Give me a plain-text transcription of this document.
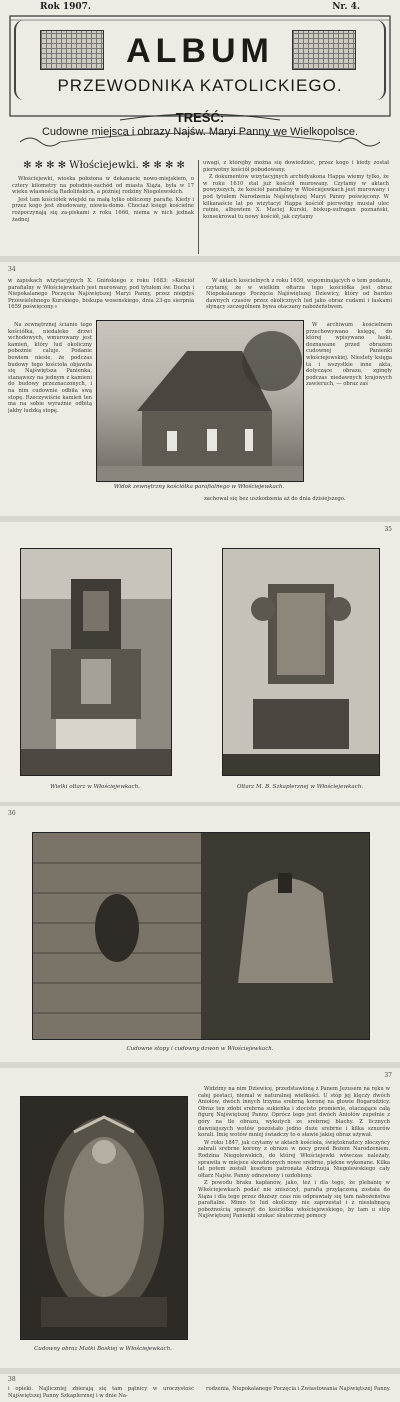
Rok 1907.	Nr. 4.
ALBUM
PRZEWODNIKA KATOLICKIEGO.
TREŚĆ:
Cudowne miejsca i obrazy Najśw. Maryi Panny we Wielkopolsce.
✻ ✻ ✻ ✻ Włościejewki. ✻ ✻ ✻ ✻

Włościejewki, wioska położona w dekanacie nowo-miejskiem, o cztery kilometry na południe-zachód od miasta Xiąża, była w 17 wieku własnością Radolińskich, a później rodziny Niegolewskich.

Jest tam kościółek wiejski na małą tylko obliczony parafię. Kiedy i przez kogo jest zbudowany, niewia-domo. Chociaż księgi kościelne rozpoczynają się za-piskami z roku 1660, niema w nich jednak żadnej

uwagi, z którejby można się dowiedzieć, przez kogo i kiedy został pierwotny kościół pobudowany.

Z dokumentów wizytacyjnych archidyakona Happa wiemy tylko, że w roku 1610 stał już kościół murowany. Czytamy w aktach powyższych, że kościół parafialny w Włościejewkach jest murowany i pod tytułem Narodzenia Najświętszej Maryi Panny poświęcony. W kilkanaście lat po wizytacyi Happa kościół pierwotny musiał ulec ruinie, albowiem X. Maciej Kurski, biskup-sufragan poznański, konsekrował tu nowy kościół, jak czytamy

34

w zapiskach wizytacyjnych X. Gnińskiego z roku 1683: »Kościół parafialny w Włościejewkach jest murowany, pod tytułem św. Ducha i Niepokalanego Poczęcia Najświętszej Maryi Panny, przez niegdyś Przewielebnego Kurskiego, biskupa wosenskiego, dnia 23-go sierpnia 1659 poświęcony.«

Na zewnętrznej ścianie tego kościółka, niedaleko drzwi wchodowych, wmurowany jest kamień, który lud okoliczny pobożnie caluje. Podanie bowiem niesie, że podczas budowy tego kościoła objawiła się Najświętsza Panienka, stanąwszy na jednym z kamieni do budowy przeznaczonych, i na nim cudownie odbiła swą stopę. Rzeczywiście kamień ten ma na sobie wyraźnie odbitą jakby ludzką stopę.

W aktach kościelnych z roku 1659, wspominających o tem podaniu, czytamy, że w wielkim ołtarzu tego kościółka jest obraz Niepokalanego Poczęcia Najświętszej Dziewicy, który od bardzo dawnych czasów przez okolicznych lud jako obraz cudami i łaskami słynący szczególnem bywa otaczany nabożeństwem.

W archiwum kościelnem przechowywano księgę, do której wpisywano łaski, doznawane przed obrazem cudownej Panienki włościejewskiej. Niestety księga ta i wszystkie inne akta, dotyczące obrazu, zginęły podczas niedawnych krajowych zawieruch, — obraz zaś

zachował się bez uszkodzenia aż do dnia dzisiejszego.

Widok zewnętrzny kościółka parafialnego w Włościejewkach.
35
Wielki ołtarz w Włościejewkach.	Ołtarz M. B. Szkaplerznej w Włościejewkach.
36
Cudowne stopy i cudowny dzwon w Włościejewkach.
37
Cudowny obraz Matki Boskiej w Włościejewkach.

Widzimy na nim Dziewicę, przedstawioną z Panem Jezusem na ręku w całej postaci, niemal w naturalnej wielkości. U stóp jej klęczy dwóch Aniołów, dwóch innych trzyma srebrną koronę na głowie Bogarodzicy. Obraz ten zdobi srebrna sukienka i złocisto promienie, otaczające całą figurę Najświętszej Panny. Oprócz tego jest dwóch Aniołów zupełnie z góry na tle obrazu, wykutych ze srebrnej blachy. Z licznych dawniejszych wotów pozostało jedno duże srebrne i kilka sznurów korali. Imię wotów mniej świadczy to o sławie jakiej obraz używał.

W roku 1847, jak czytamy w aktach kościoła, świętokradzcy złoczyńcy zabrali srebrne korony z obrazu w nocy przed Bożem Narodzeniem. Rodzina Niegolewskich, do której Włościejewki wówczas należały, sprawiła w miejsce skradzionych nowe srebrne, piękne wykonane. Kilka lat potem zostali kosztem patronata Andrzeja Niegolewskiego cały ołtarz Najśw. Panny odnowiony i ozdobiony.

Z powodu braku kapłanów, jako, też i dla tego, że plebanię w Włościejewkach podać nie zniszczył, parafia przyłączoną została do Xiąża i dla tego przez dłuższy czas nie odprawiały się tam nabożeństwa parafialne. Mimo to lud okoliczny nie zaprzestał i z niesłabnącą pobożnością spieszył do kościółka włościejewskiego, by tam u stóp Najświętszej Panienki szukać skutecznej pomocy

38

i opieki. Najliczniej zbierają się tam pątnicy w uroczystość Najświętszej Panny Szkaplerznej i w dnie Na-

rodzenia, Niepokalanego Poczęcia i Zwiastowania Najświętszej Panny.
